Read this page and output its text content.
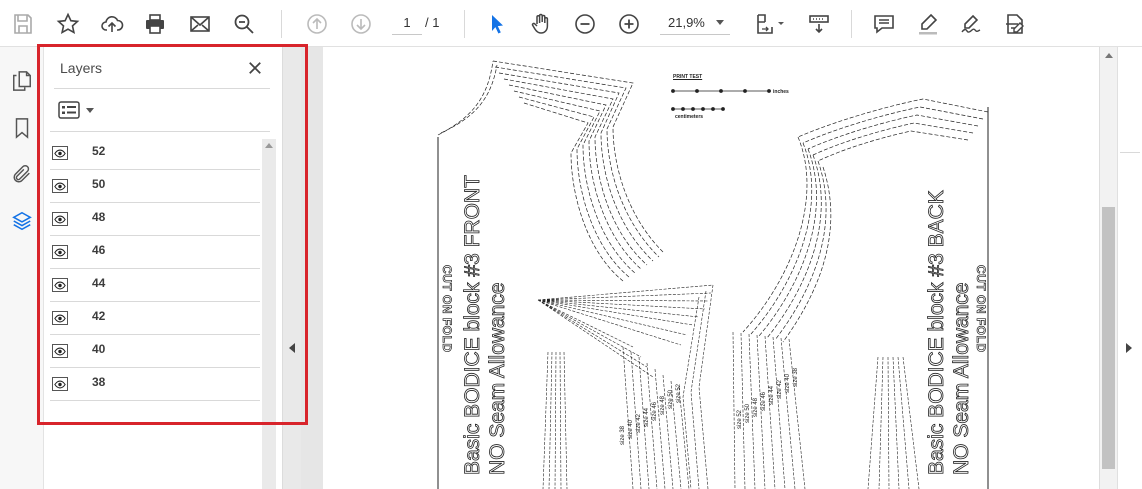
1
/ 1	21,9%
Layers
52
50
48
46
44
42
40
38
PRINT TEST
inches
centimeters
CUT ON FOLD Basic BODICE block #3 FRONT NO Seam Allowance	Basic BODICE block #3 BACK NO Seam Allowance CUT ON FOLD
size 38 size 40 size 42 size 44 size 46 size 48 size 50 size 52
size 38
size 40
size 42
size 44
size 46
size 48
size 50
size 52
